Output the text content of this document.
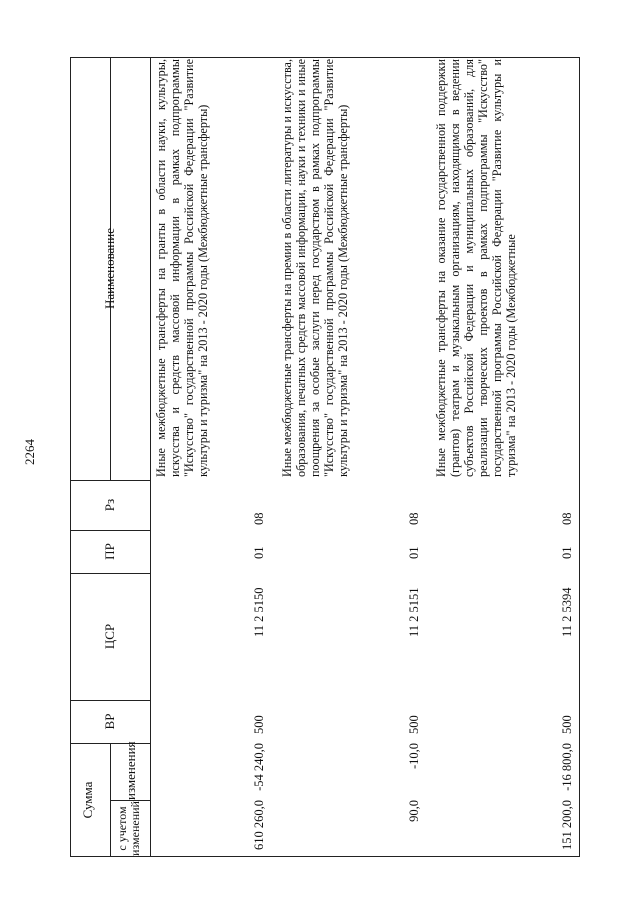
2264
Наименование
Рз
ПР
ЦСР
ВР
Сумма изменения
с учетом изменений
Иные межбюджетные трансферты на гранты в области науки, культуры, искусства и средств массовой информации в рамках подпрограммы "Искусство" государственной программы Российской Федерации "Развитие культуры и туризма" на 2013 - 2020 годы (Межбюджетные трансферты)
08
01
11 2 5150
500
-54 240,0
610 260,0
Иные межбюджетные трансферты на премии в области литературы и искусства, образования, печатных средств массовой информации, науки и техники и иные поощрения за особые заслуги перед государством в рамках подпрограммы "Искусство" государственной программы Российской Федерации "Развитие культуры и туризма" на 2013 - 2020 годы (Межбюджетные трансферты)
08
01
11 2 5151
500
-10,0
90,0
Иные межбюджетные трансферты на оказание государственной поддержки (грантов) театрам и музыкальным организациям, находящимся в ведении субъектов Российской Федерации и муниципальных образований, для реализации творческих проектов в рамках подпрограммы "Искусство" государственной программы Российской Федерации "Развитие культуры и туризма" на 2013 - 2020 годы (Межбюджетные
08
01
11 2 5394
500
-16 800,0
151 200,0
